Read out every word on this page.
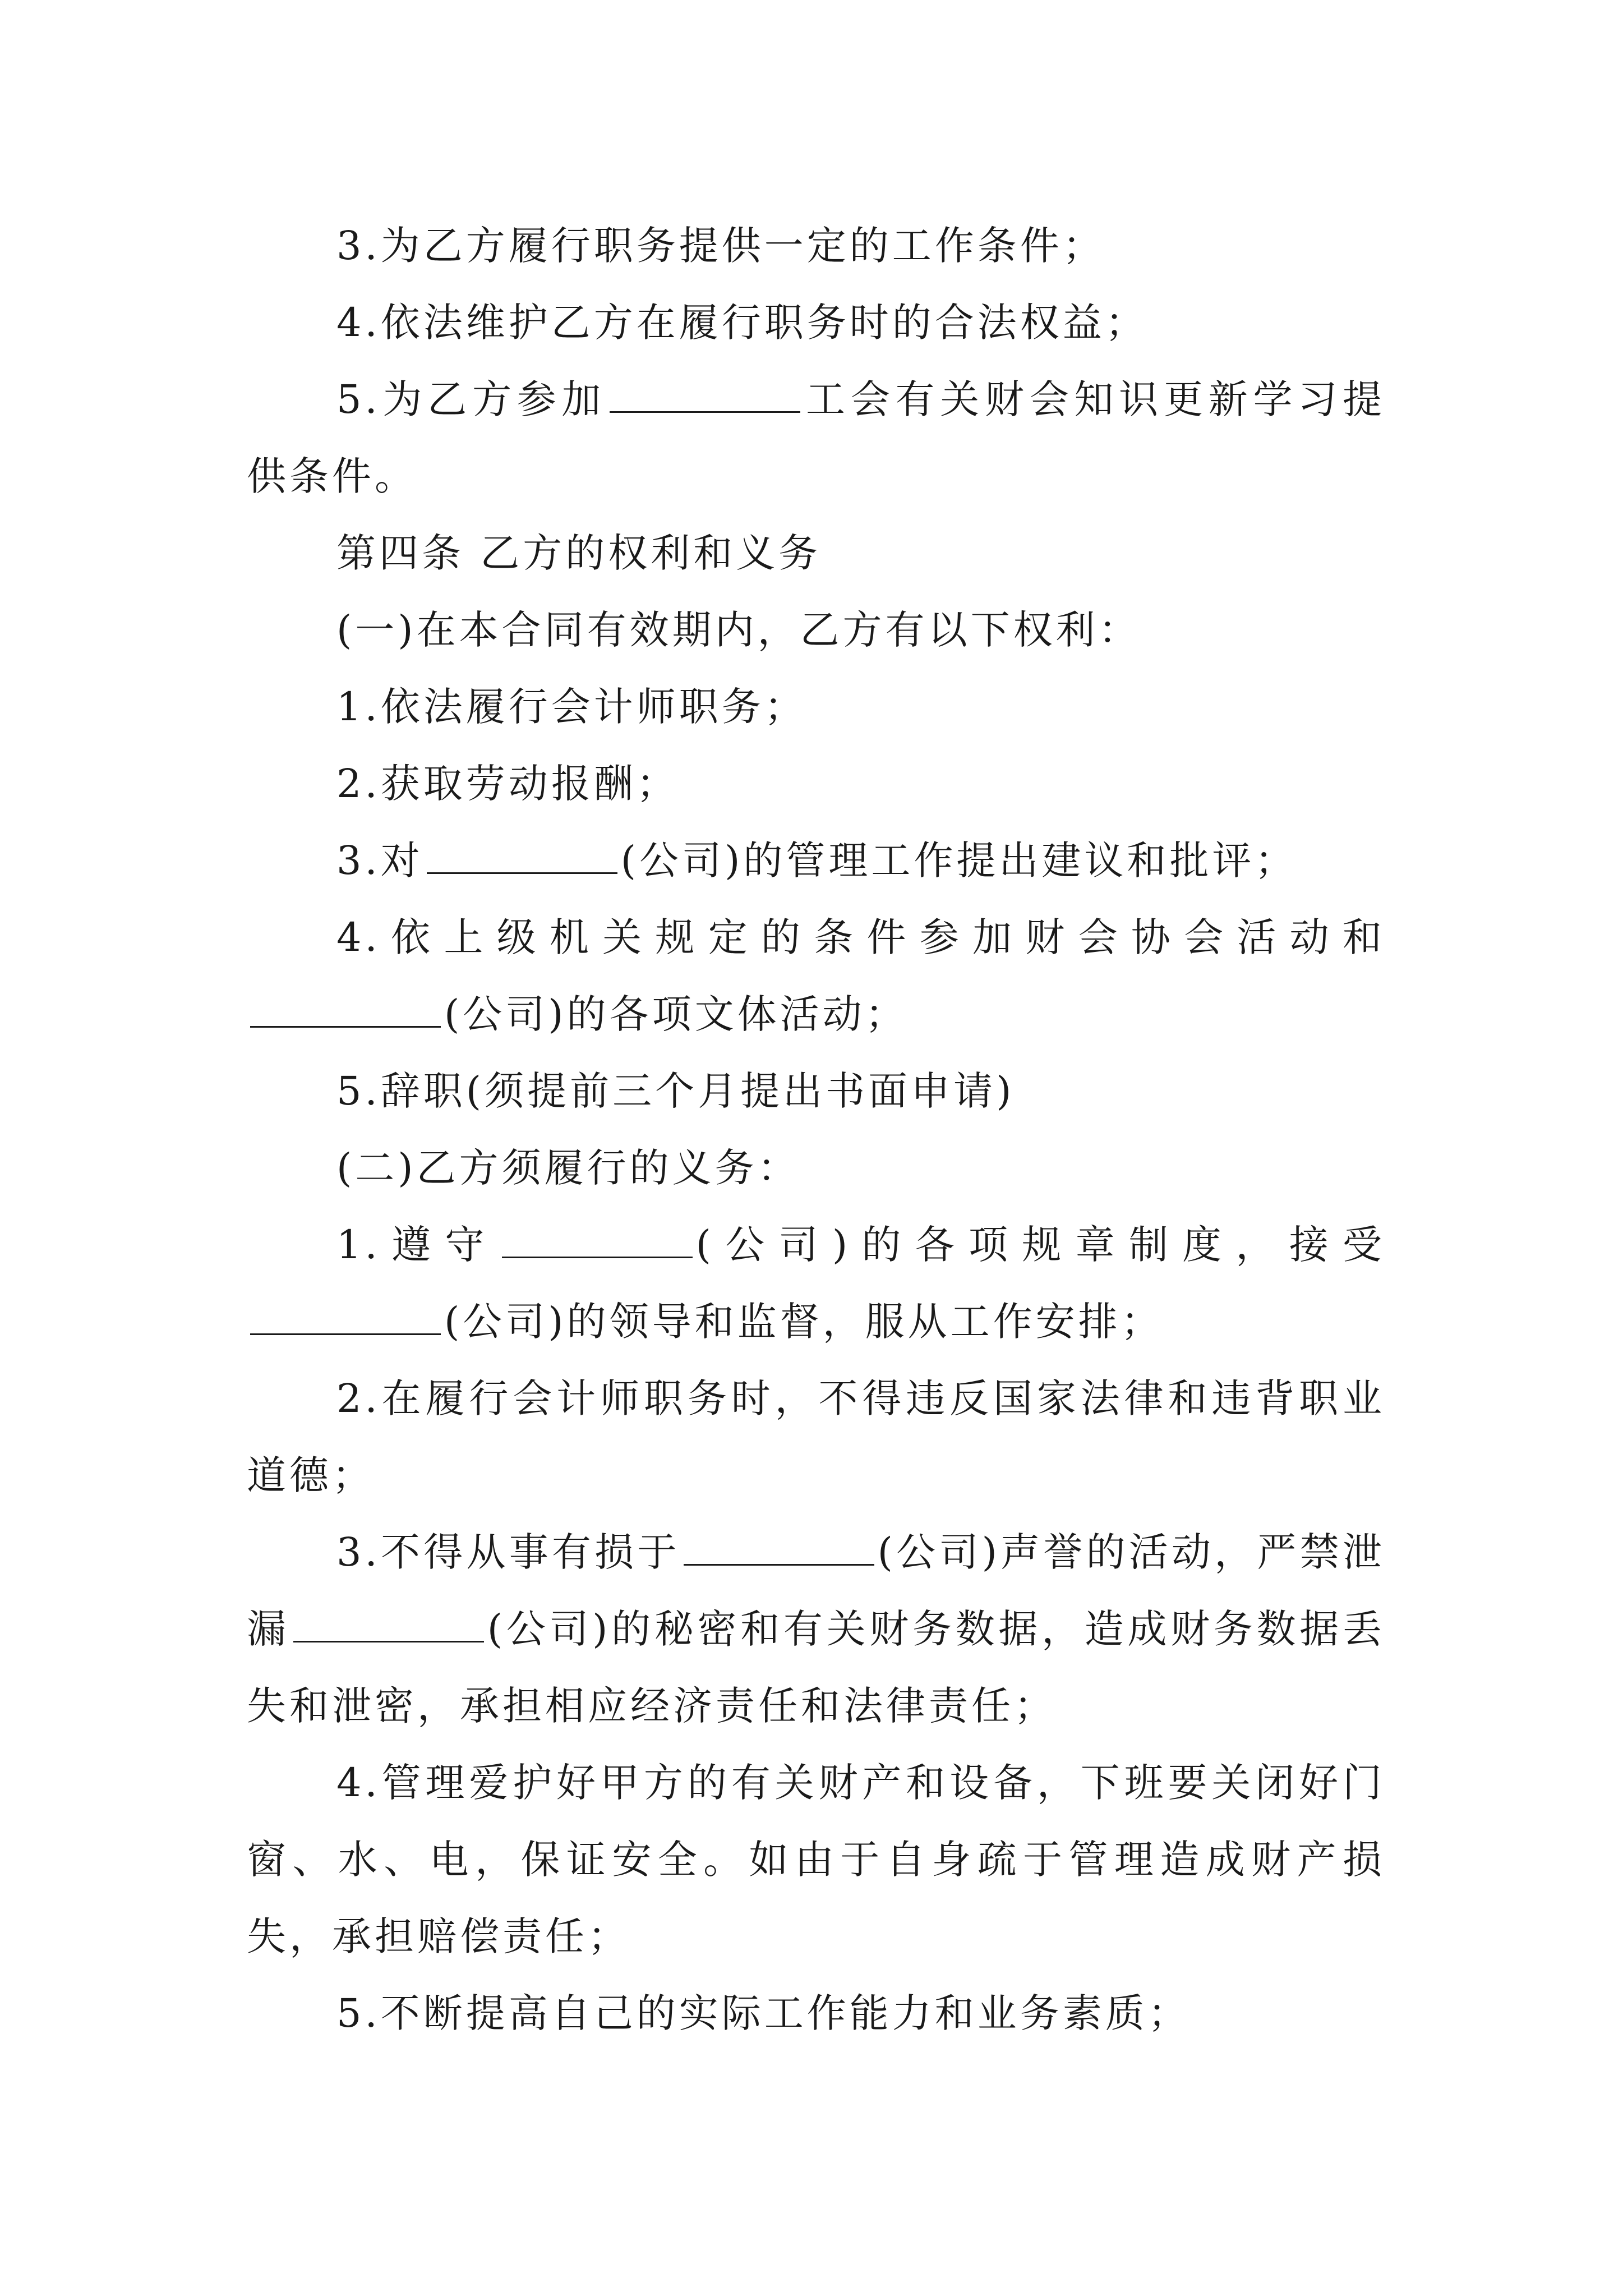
3.为乙方履行职务提供一定的工作条件；

4.依法维护乙方在履行职务时的合法权益；

5.为乙方参加	工会有关财会知识更新学习提供条件。

第四条 乙方的权利和义务

(一)在本合同有效期内，乙方有以下权利：

1.依法履行会计师职务；

2.获取劳动报酬；

3.对	(公司)的管理工作提出建议和批评；

4.依上级机关规定的条件参加财会协会活动和(公司)的各项文体活动；

5.辞职(须提前三个月提出书面申请)

(二)乙方须履行的义务：

1.遵守	(公司)的各项规章制度，接受(公司)的领导和监督，服从工作安排；

2.在履行会计师职务时，不得违反国家法律和违背职业道德；

3.不得从事有损于	(公司)声誉的活动，严禁泄漏	(公司)的秘密和有关财务数据，造成财务数据丢失和泄密，承担相应经济责任和法律责任；

4.管理爱护好甲方的有关财产和设备，下班要关闭好门窗、水、电，保证安全。如由于自身疏于管理造成财产损失，承担赔偿责任；

5.不断提高自己的实际工作能力和业务素质；
